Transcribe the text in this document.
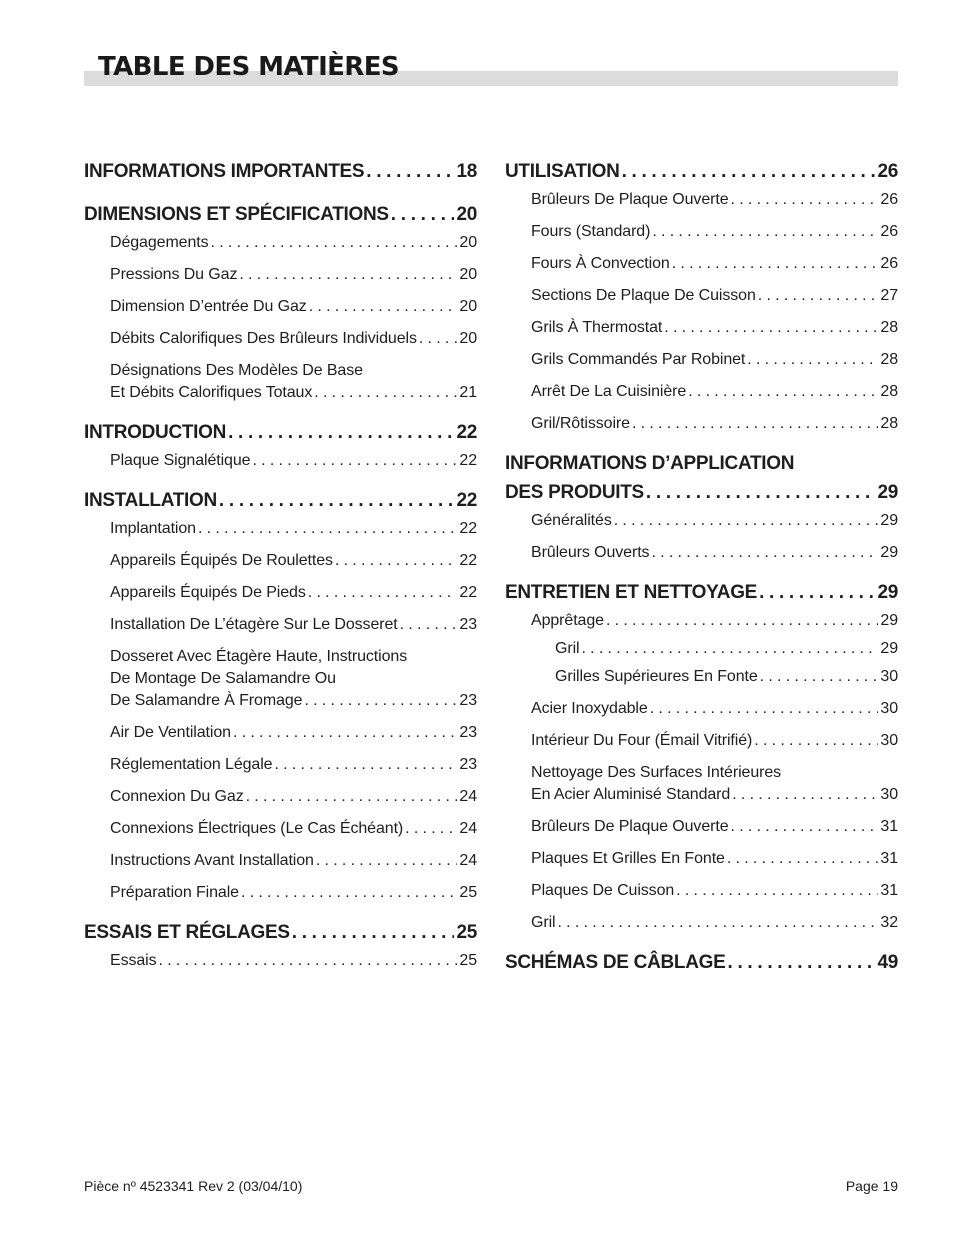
TABLE DES MATIÈRES
INFORMATIONS IMPORTANTES . . .	18
DIMENSIONS ET SPÉCIFICATIONS . . .	20
Dégagements . . .	20
Pressions Du Gaz . . .	20
Dimension D’entrée Du Gaz . . .	20
Débits Calorifiques Des Brûleurs Individuels . . .	20
Désignations Des Modèles De Base
Et Débits Calorifiques Totaux . . .	21
INTRODUCTION . . .	22
Plaque Signalétique . . .	22
INSTALLATION . . .	22
Implantation . . .	22
Appareils Équipés De Roulettes . . .	22
Appareils Équipés De Pieds . . .	22
Installation De L’étagère Sur Le Dosseret . . .	23
Dosseret Avec Étagère Haute, Instructions
De Montage De Salamandre Ou
De Salamandre À Fromage . . .	23
Air De Ventilation . . .	23
Réglementation Légale . . .	23
Connexion Du Gaz . . .	24
Connexions Électriques (Le Cas Échéant) . . .	24
Instructions Avant Installation . . .	24
Préparation Finale . . .	25
ESSAIS ET RÉGLAGES . . .	25
Essais . . .	25
UTILISATION . . .	26
Brûleurs De Plaque Ouverte . . .	26
Fours (Standard) . . .	26
Fours À Convection . . .	26
Sections De Plaque De Cuisson . . .	27
Grils À Thermostat . . .	28
Grils Commandés Par Robinet . . .	28
Arrêt De La Cuisinière . . .	28
Gril/Rôtissoire . . .	28
INFORMATIONS D’APPLICATION
DES PRODUITS . . .	29
Généralités . . .	29
Brûleurs Ouverts . . .	29
ENTRETIEN ET NETTOYAGE . . .	29
Apprêtage . . .	29
Gril . . .	29
Grilles Supérieures En Fonte . . .	30
Acier Inoxydable . . .	30
Intérieur Du Four (Émail Vitrifié) . . .	30
Nettoyage Des Surfaces Intérieures
En Acier Aluminisé Standard . . .	30
Brûleurs De Plaque Ouverte . . .	31
Plaques Et Grilles En Fonte . . .	31
Plaques De Cuisson . . .	31
Gril . . .	32
SCHÉMAS DE CÂBLAGE . . .	49
Pièce nº 4523341 Rev 2 (03/04/10)	Page 19
